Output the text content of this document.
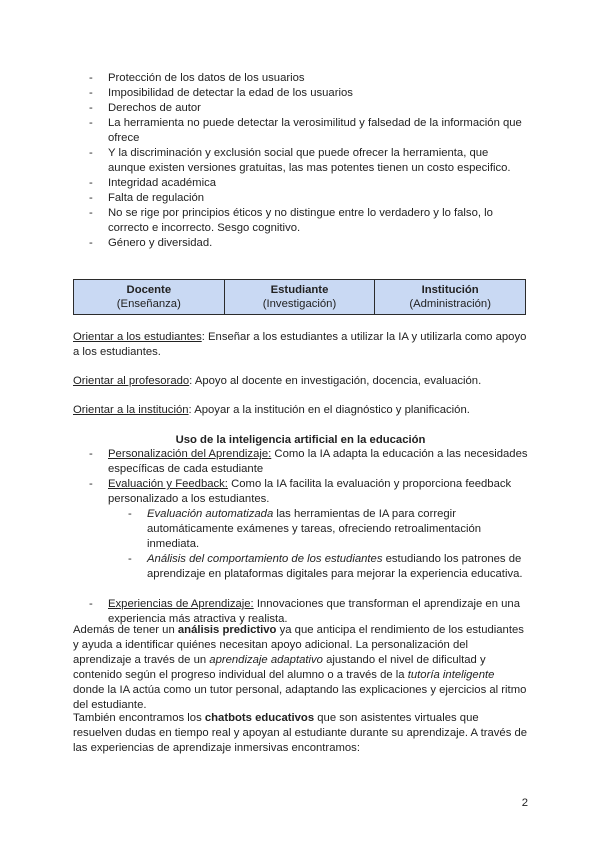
- Protección de los datos de los usuarios
- Imposibilidad de detectar la edad de los usuarios
- Derechos de autor
- La herramienta no puede detectar la verosimilitud y falsedad de la información que ofrece
- Y la discriminación y exclusión social que puede ofrecer la herramienta, que aunque existen versiones gratuitas, las mas potentes tienen un costo especifico.
- Integridad académica
- Falta de regulación
- No se rige por principios éticos y no distingue entre lo verdadero y lo falso, lo correcto e incorrecto. Sesgo cognitivo.
- Género y diversidad.
Docente
(Enseñanza)

Estudiante
(Investigación)

Institución
(Administración)
Orientar a los estudiantes: Enseñar a los estudiantes a utilizar la IA y utilizarla como apoyo a los estudiantes.
Orientar al profesorado: Apoyo al docente en investigación, docencia, evaluación.
Orientar a la institución: Apoyar a la institución en el diagnóstico y planificación.
Uso de la inteligencia artificial en la educación
- Personalización del Aprendizaje: Como la IA adapta la educación a las necesidades específicas de cada estudiante
- Evaluación y Feedback: Como la IA facilita la evaluación y proporciona feedback personalizado a los estudiantes.
- Evaluación automatizada las herramientas de IA para corregir automáticamente exámenes y tareas, ofreciendo retroalimentación inmediata.
- Análisis del comportamiento de los estudiantes estudiando los patrones de aprendizaje en plataformas digitales para mejorar la experiencia educativa.
- Experiencias de Aprendizaje: Innovaciones que transforman el aprendizaje en una experiencia más atractiva y realista.
Además de tener un análisis predictivo ya que anticipa el rendimiento de los estudiantes y ayuda a identificar quiénes necesitan apoyo adicional. La personalización del aprendizaje a través de un aprendizaje adaptativo ajustando el nivel de dificultad y contenido según el progreso individual del alumno o a través de la tutoría inteligente donde la IA actúa como un tutor personal, adaptando las explicaciones y ejercicios al ritmo del estudiante.
También encontramos los chatbots educativos que son asistentes virtuales que resuelven dudas en tiempo real y apoyan al estudiante durante su aprendizaje. A través de las experiencias de aprendizaje inmersivas encontramos:
2
